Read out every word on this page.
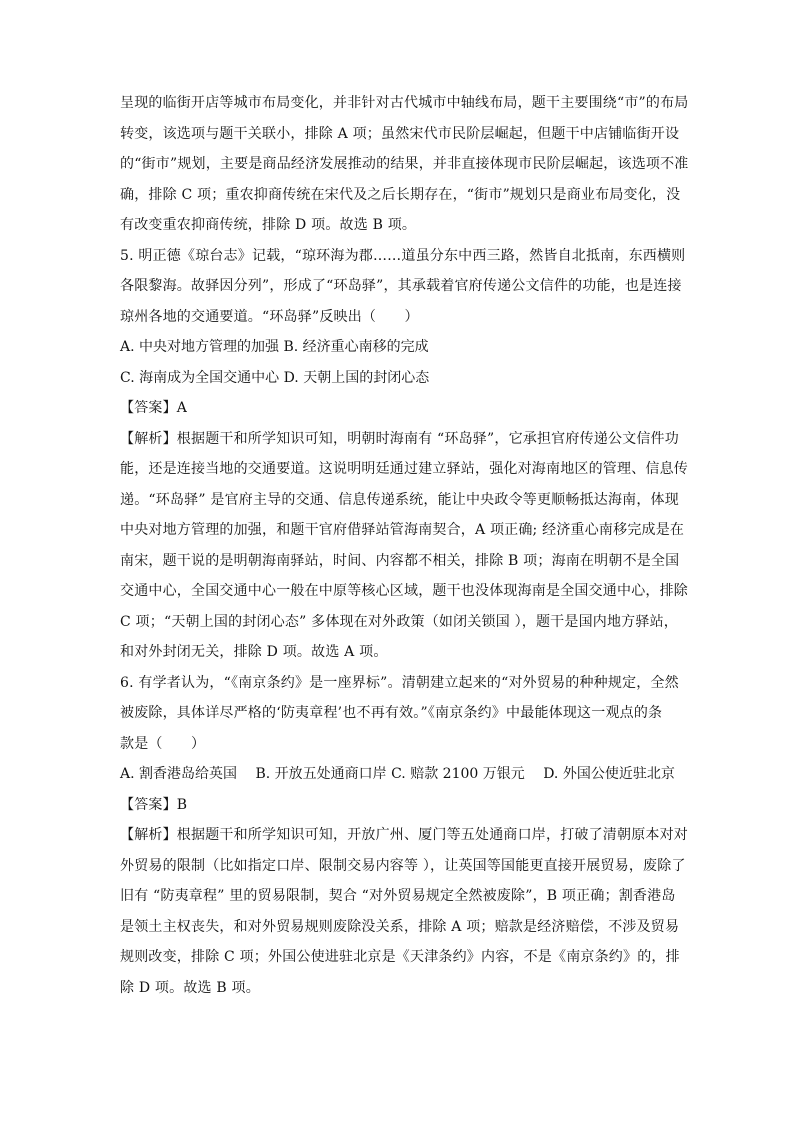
呈现的临街开店等城市布局变化，并非针对古代城市中轴线布局，题干主要围绕“市”的布局
转变，该选项与题干关联小，排除 A 项；虽然宋代市民阶层崛起，但题干中店铺临街开设
的“街市”规划，主要是商品经济发展推动的结果，并非直接体现市民阶层崛起，该选项不准
确，排除 C 项；重农抑商传统在宋代及之后长期存在，“街市”规划只是商业布局变化，没
有改变重农抑商传统，排除 D 项。故选 B 项。

5. 明正德《琼台志》记载，“琼环海为郡……道虽分东中西三路，然皆自北抵南，东西横则
各限黎海。故驿因分列”，形成了“环岛驿”，其承载着官府传递公文信件的功能，也是连接
琼州各地的交通要道。“环岛驿”反映出（　　）

A. 中央对地方管理的加强 B. 经济重心南移的完成
C. 海南成为全国交通中心 D. 天朝上国的封闭心态

【答案】A

【解析】根据题干和所学知识可知，明朝时海南有 “环岛驿”，它承担官府传递公文信件功
能，还是连接当地的交通要道。这说明明廷通过建立驿站，强化对海南地区的管理、信息传
递。“环岛驿” 是官府主导的交通、信息传递系统，能让中央政令等更顺畅抵达海南，体现
中央对地方管理的加强，和题干官府借驿站管海南契合，A 项正确; 经济重心南移完成是在
南宋，题干说的是明朝海南驿站，时间、内容都不相关，排除 B 项；海南在明朝不是全国
交通中心，全国交通中心一般在中原等核心区域，题干也没体现海南是全国交通中心，排除
C 项；“天朝上国的封闭心态” 多体现在对外政策（如闭关锁国 ），题干是国内地方驿站，
和对外封闭无关，排除 D 项。故选 A 项。

6. 有学者认为，“《南京条约》是一座界标”。清朝建立起来的“对外贸易的种种规定，全然
被废除，具体详尽严格的‘防夷章程’也不再有效。”《南京条约》中最能体现这一观点的条
款是（　　）

A. 割香港岛给英国　 B. 开放五处通商口岸 C. 赔款 2100 万银元　 D. 外国公使近驻北京

【答案】B

【解析】根据题干和所学知识可知，开放广州、厦门等五处通商口岸，打破了清朝原本对对
外贸易的限制（比如指定口岸、限制交易内容等 ），让英国等国能更直接开展贸易，废除了
旧有 “防夷章程” 里的贸易限制，契合 “对外贸易规定全然被废除”，B 项正确；割香港岛
是领土主权丧失，和对外贸易规则废除没关系，排除 A 项；赔款是经济赔偿，不涉及贸易
规则改变，排除 C 项；外国公使进驻北京是《天津条约》内容，不是《南京条约》的，排
除 D 项。故选 B 项。
